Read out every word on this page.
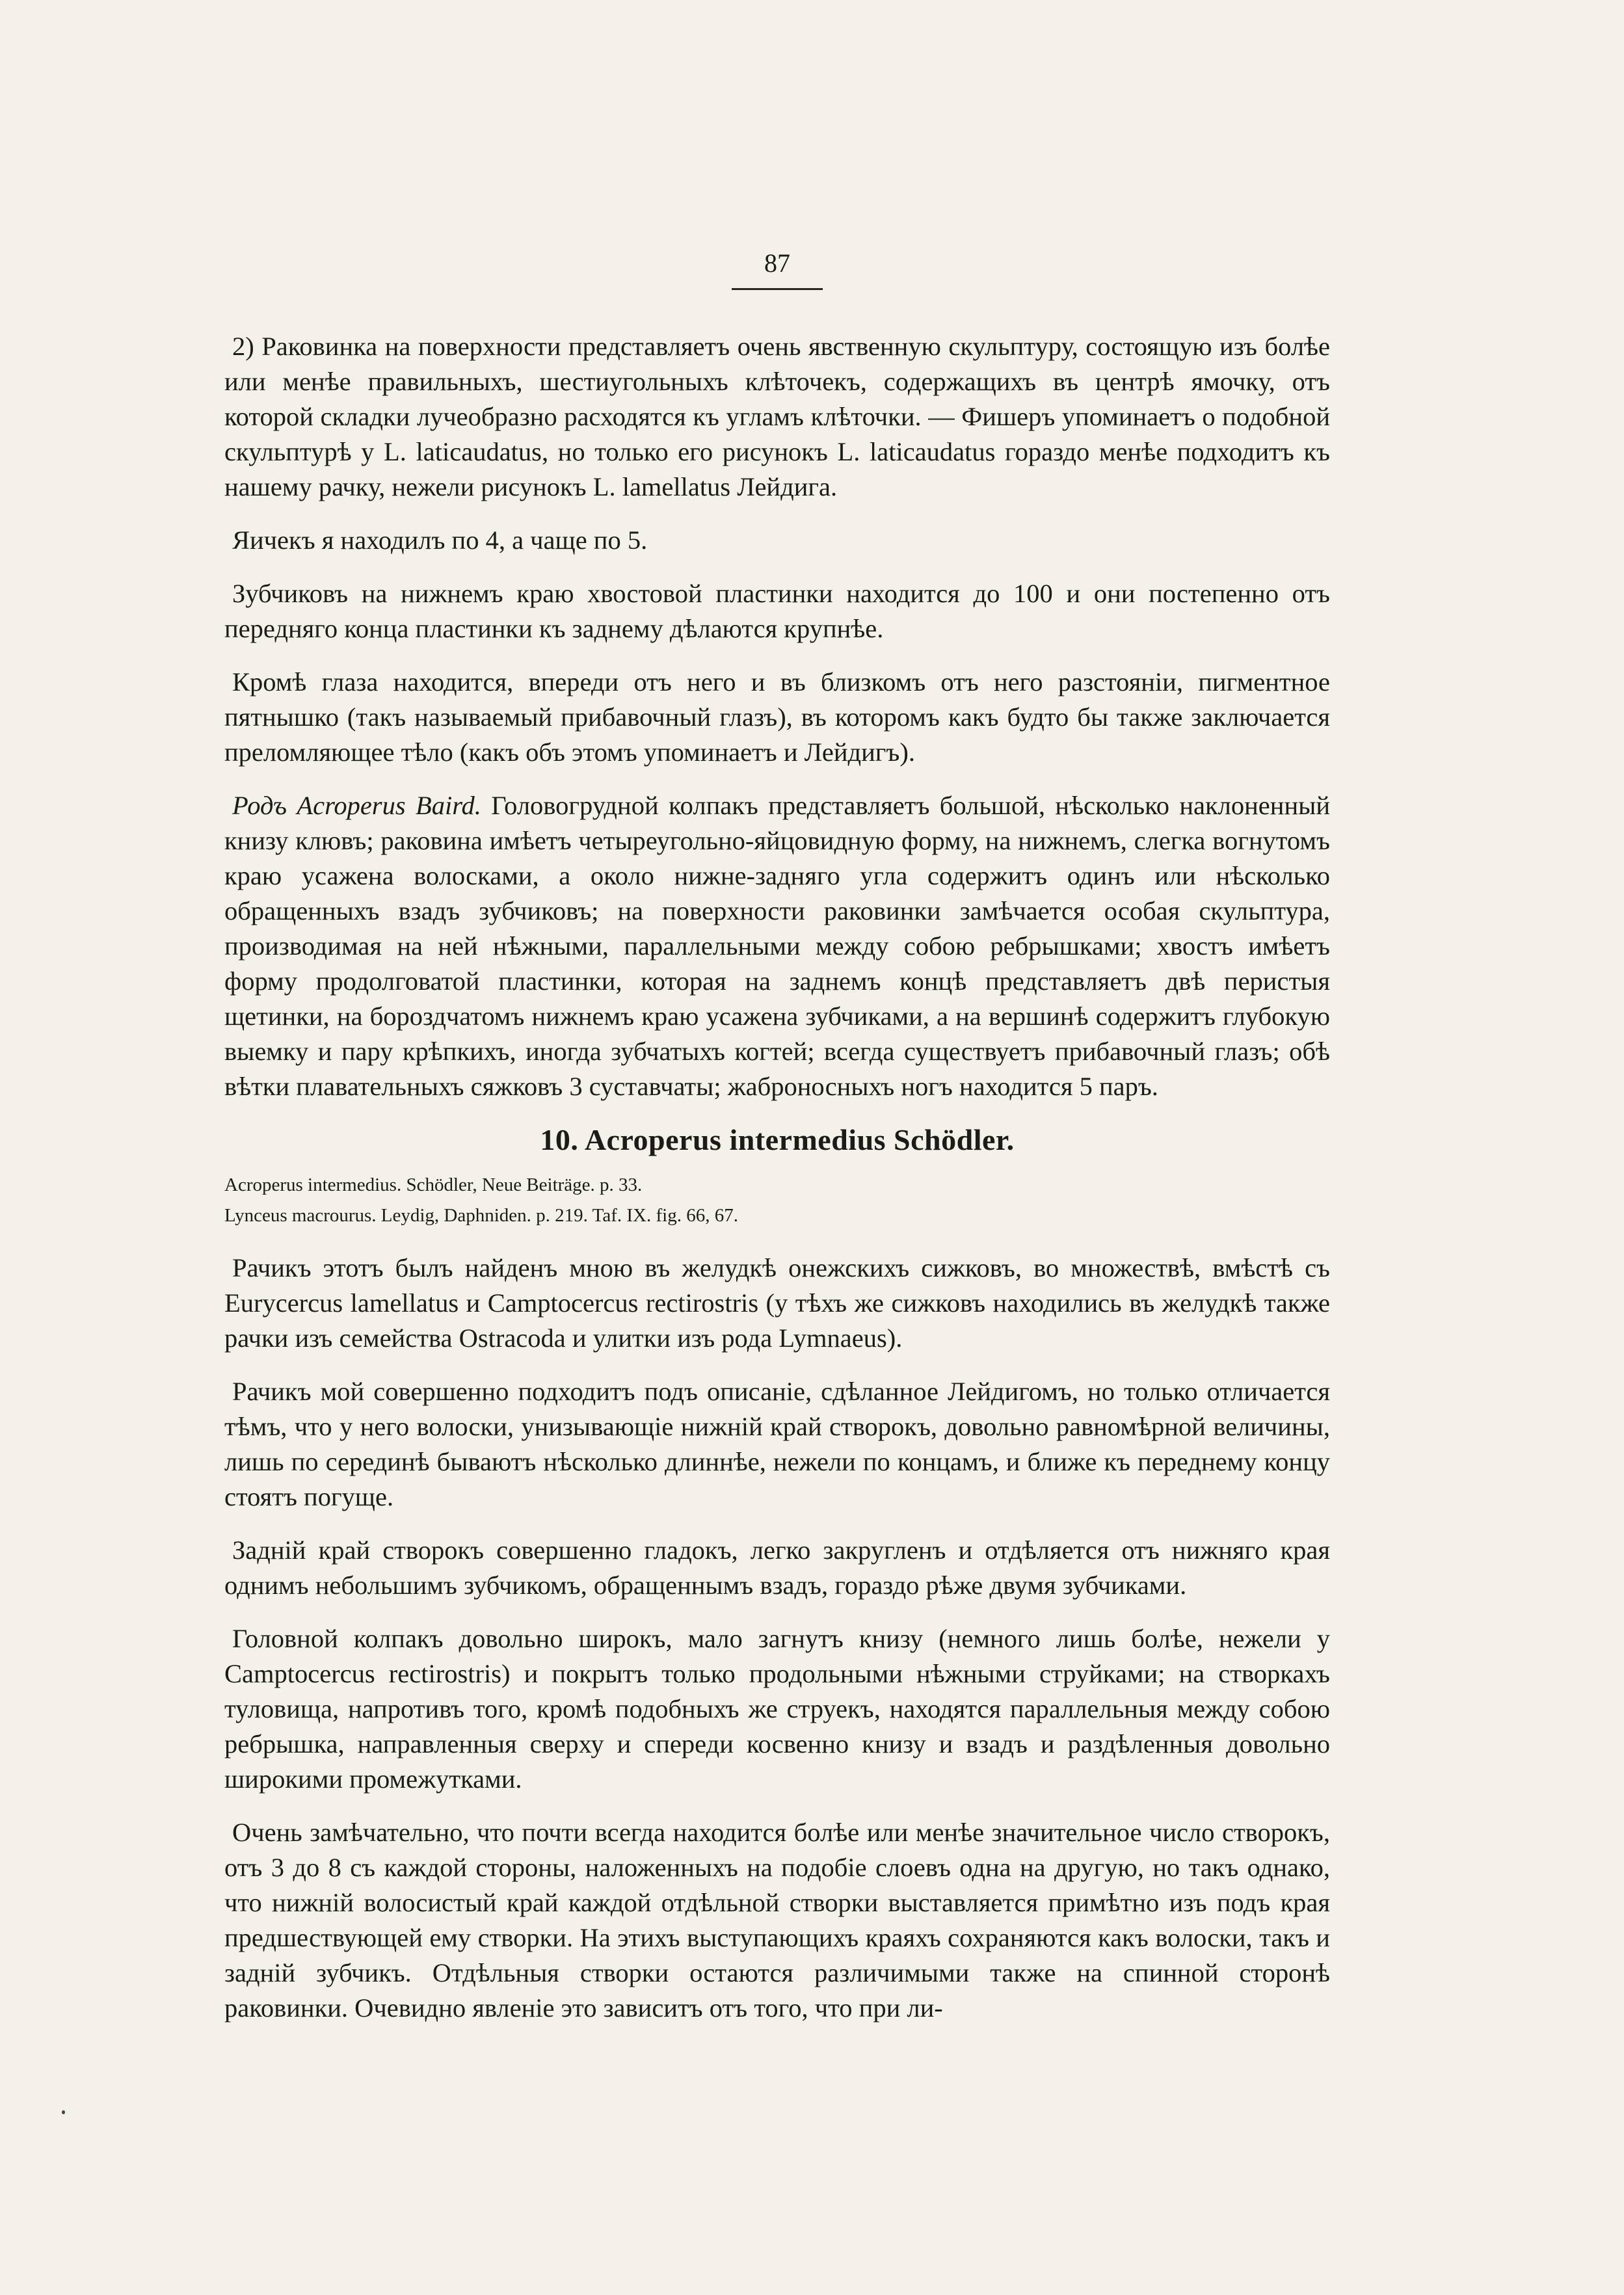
87

2) Раковинка на поверхности представляетъ очень явственную скульптуру, состоящую изъ болѣе или менѣе правильныхъ, шестиугольныхъ клѣточекъ, содержащихъ въ центрѣ ямочку, отъ которой складки лучеобразно расходятся къ угламъ клѣточки. — Фишеръ упоминаетъ о подобной скульптурѣ у L. laticaudatus, но только его рисунокъ L. laticaudatus гораздо менѣе подходитъ къ нашему рачку, нежели рисунокъ L. lamellatus Лейдига.

Яичекъ я находилъ по 4, а чаще по 5.

Зубчиковъ на нижнемъ краю хвостовой пластинки находится до 100 и они постепенно отъ передняго конца пластинки къ заднему дѣлаются крупнѣе.

Кромѣ глаза находится, впереди отъ него и въ близкомъ отъ него разстояніи, пигментное пятнышко (такъ называемый прибавочный глазъ), въ которомъ какъ будто бы также заключается преломляющее тѣло (какъ объ этомъ упоминаетъ и Лейдигъ).

Родъ Acroperus Baird. Головогрудной колпакъ представляетъ большой, нѣсколько наклоненный книзу клювъ; раковина имѣетъ четыреугольно-яйцовидную форму, на нижнемъ, слегка вогнутомъ краю усажена волосками, а около нижне-задняго угла содержитъ одинъ или нѣсколько обращенныхъ взадъ зубчиковъ; на поверхности раковинки замѣчается особая скульптура, производимая на ней нѣжными, параллельными между собою ребрышками; хвостъ имѣетъ форму продолговатой пластинки, которая на заднемъ концѣ представляетъ двѣ перистыя щетинки, на бороздчатомъ нижнемъ краю усажена зубчиками, а на вершинѣ содержитъ глубокую выемку и пару крѣпкихъ, иногда зубчатыхъ когтей; всегда существуетъ прибавочный глазъ; обѣ вѣтки плавательныхъ сяжковъ 3 суставчаты; жаброносныхъ ногъ находится 5 паръ.

10. Acroperus intermedius Schödler.

Acroperus intermedius. Schödler, Neue Beiträge. p. 33.

Lynceus macrourus. Leydig, Daphniden. p. 219. Taf. IX. fig. 66, 67.

Рачикъ этотъ былъ найденъ мною въ желудкѣ онежскихъ сижковъ, во множествѣ, вмѣстѣ съ Eurycercus lamellatus и Camptocercus rectirostris (у тѣхъ же сижковъ находились въ желудкѣ также рачки изъ семейства Ostracoda и улитки изъ рода Lymnaeus).

Рачикъ мой совершенно подходитъ подъ описаніе, сдѣланное Лейдигомъ, но только отличается тѣмъ, что у него волоски, унизывающіе нижній край створокъ, довольно равномѣрной величины, лишь по серединѣ бываютъ нѣсколько длиннѣе, нежели по концамъ, и ближе къ переднему концу стоятъ погуще.

Задній край створокъ совершенно гладокъ, легко закругленъ и отдѣляется отъ нижняго края однимъ небольшимъ зубчикомъ, обращеннымъ взадъ, гораздо рѣже двумя зубчиками.

Головной колпакъ довольно широкъ, мало загнутъ книзу (немного лишь болѣе, нежели у Camptocercus rectirostris) и покрытъ только продольными нѣжными струйками; на створкахъ туловища, напротивъ того, кромѣ подобныхъ же струекъ, находятся параллельныя между собою ребрышка, направленныя сверху и спереди косвенно книзу и взадъ и раздѣленныя довольно широкими промежутками.

Очень замѣчательно, что почти всегда находится болѣе или менѣе значительное число створокъ, отъ 3 до 8 съ каждой стороны, наложенныхъ на подобіе слоевъ одна на другую, но такъ однако, что нижній волосистый край каждой отдѣльной створки выставляется примѣтно изъ подъ края предшествующей ему створки. На этихъ выступающихъ краяхъ сохраняются какъ волоски, такъ и задній зубчикъ. Отдѣльныя створки остаются различимыми также на спинной сторонѣ раковинки. Очевидно явленіе это зависитъ отъ того, что при ли-
